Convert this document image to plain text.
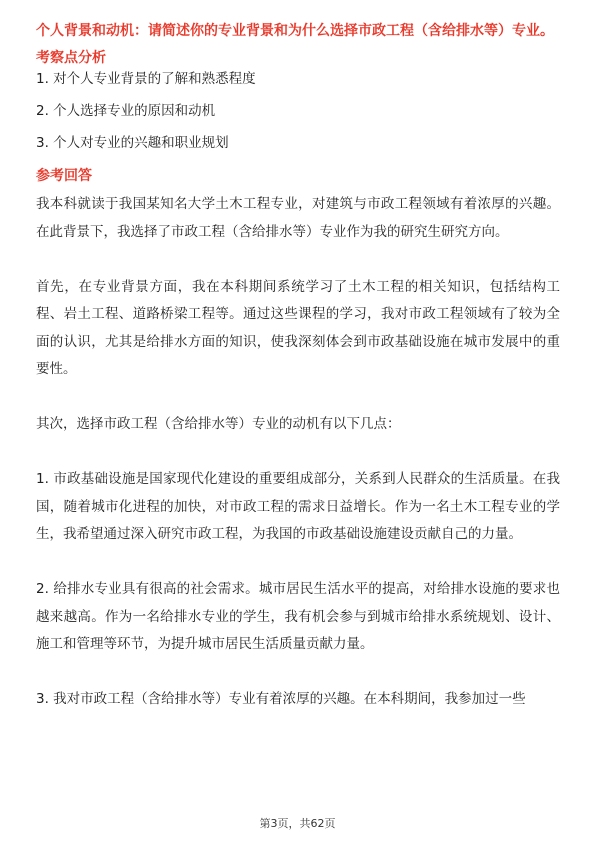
个人背景和动机：请简述你的专业背景和为什么选择市政工程（含给排水等）专业。

考察点分析

1. 对个人专业背景的了解和熟悉程度

2. 个人选择专业的原因和动机

3. 个人对专业的兴趣和职业规划

参考回答

我本科就读于我国某知名大学土木工程专业，对建筑与市政工程领域有着浓厚的兴趣。在此背景下，我选择了市政工程（含给排水等）专业作为我的研究生研究方向。

首先，在专业背景方面，我在本科期间系统学习了土木工程的相关知识，包括结构工程、岩土工程、道路桥梁工程等。通过这些课程的学习，我对市政工程领域有了较为全面的认识，尤其是给排水方面的知识，使我深刻体会到市政基础设施在城市发展中的重要性。

其次，选择市政工程（含给排水等）专业的动机有以下几点：

1. 市政基础设施是国家现代化建设的重要组成部分，关系到人民群众的生活质量。在我国，随着城市化进程的加快，对市政工程的需求日益增长。作为一名土木工程专业的学生，我希望通过深入研究市政工程，为我国的市政基础设施建设贡献自己的力量。

2. 给排水专业具有很高的社会需求。城市居民生活水平的提高，对给排水设施的要求也越来越高。作为一名给排水专业的学生，我有机会参与到城市给排水系统规划、设计、施工和管理等环节，为提升城市居民生活质量贡献力量。

3. 我对市政工程（含给排水等）专业有着浓厚的兴趣。在本科期间，我参加过一些

第3页，共62页
